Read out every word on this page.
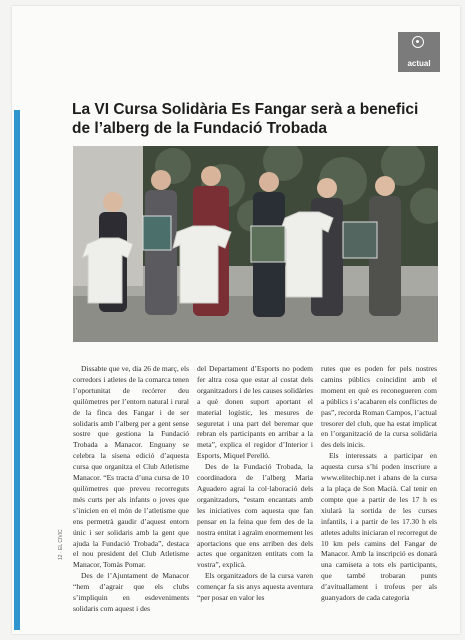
12 · EL CIVIC
actual
La VI Cursa Solidària Es Fangar serà a benefici de l’alberg de la Fundació Trobada

Dissabte que ve, dia 26 de març, els corredors i atletes de la comarca tenen l’oportunitat de recórrer deu quilòmetres per l’entorn natural i rural de la finca des Fangar i de ser solidaris amb l’alberg per a gent sense sostre que gestiona la Fundació Trobada a Manacor. Enguany se celebra la sisena edició d’aquesta cursa que organitza el Club Atletisme Manacor. “Es tracta d’una cursa de 10 quilòmetres que preveu recorreguts més curts per als infants o joves que s’inicien en el món de l’atletisme que ens permetrà gaudir d’aquest entorn únic i ser solidaris amb la gent que ajuda la Fundació Trobada”, destaca el nou president del Club Atletisme Manacor, Tomàs Pomar.

Des de l’Ajuntament de Manacor “hem d’agrair que els clubs s’impliquin en esdeveniments solidaris com aquest i des

del Departament d’Esports no podem fer altra cosa que estar al costat dels organitzadors i de les causes solidàries a què donen suport aportant el material logístic, les mesures de seguretat i una part del beremar que rebran els participants en arribar a la meta”, explica el regidor d’Interior i Esports, Miquel Perelló.

Des de la Fundació Trobada, la coordinadora de l’alberg Maria Aguadero agraí la col·laboració dels organitzadors, “estam encantats amb les iniciatives com aquesta que fan pensar en la feina que fem des de la nostra entitat i agraïm enormement les aportacions que ens arriben des dels actes que organitzen entitats com la vostra”, explicà.

Els organitzadors de la cursa varen començar fa sis anys aquesta aventura “per posar en valor les

rutes que es poden fer pels nostres camins públics coincidint amb el moment en què es reconegueren com a públics i s’acabaren els conflictes de pas”, recorda Roman Campos, l’actual tresorer del club, que ha estat implicat en l’organització de la cursa solidària des dels inicis.

Els interessats a participar en aquesta cursa s’hi poden inscriure a www.elitechip.net i abans de la cursa a la plaça de Son Macià. Cal tenir en compte que a partir de les 17 h es xiularà la sortida de les curses infantils, i a partir de les 17.30 h els atletes adults iniciaran el recorregut de 10 km pels camins del Fangar de Manacor. Amb la inscripció es donarà una camiseta a tots els participants, que també trobaran punts d’avituallament i trofeus per als guanyadors de cada categoria
